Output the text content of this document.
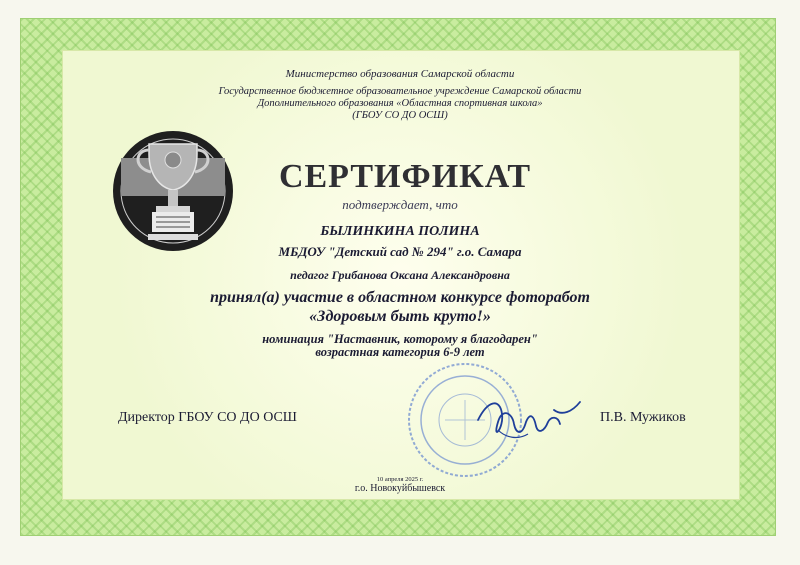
Министерство образования Самарской области
Государственное бюджетное образовательное учреждение Самарской области
Дополнительного образования «Областная спортивная школа»
(ГБОУ СО ДО ОСШ)
СЕРТИФИКАТ
подтверждает, что
БЫЛИНКИНА ПОЛИНА
МБДОУ "Детский сад № 294" г.о. Самара
педагог Грибанова Оксана Александровна
принял(а) участие в областном конкурсе фоторабот
«Здоровым быть круто!»
номинация "Наставник, которому я благодарен"
возрастная категория 6-9 лет
Директор ГБОУ СО ДО ОСШ	П.В. Мужиков
10 апреля 2025 г.
г.о. Новокуйбышевск
